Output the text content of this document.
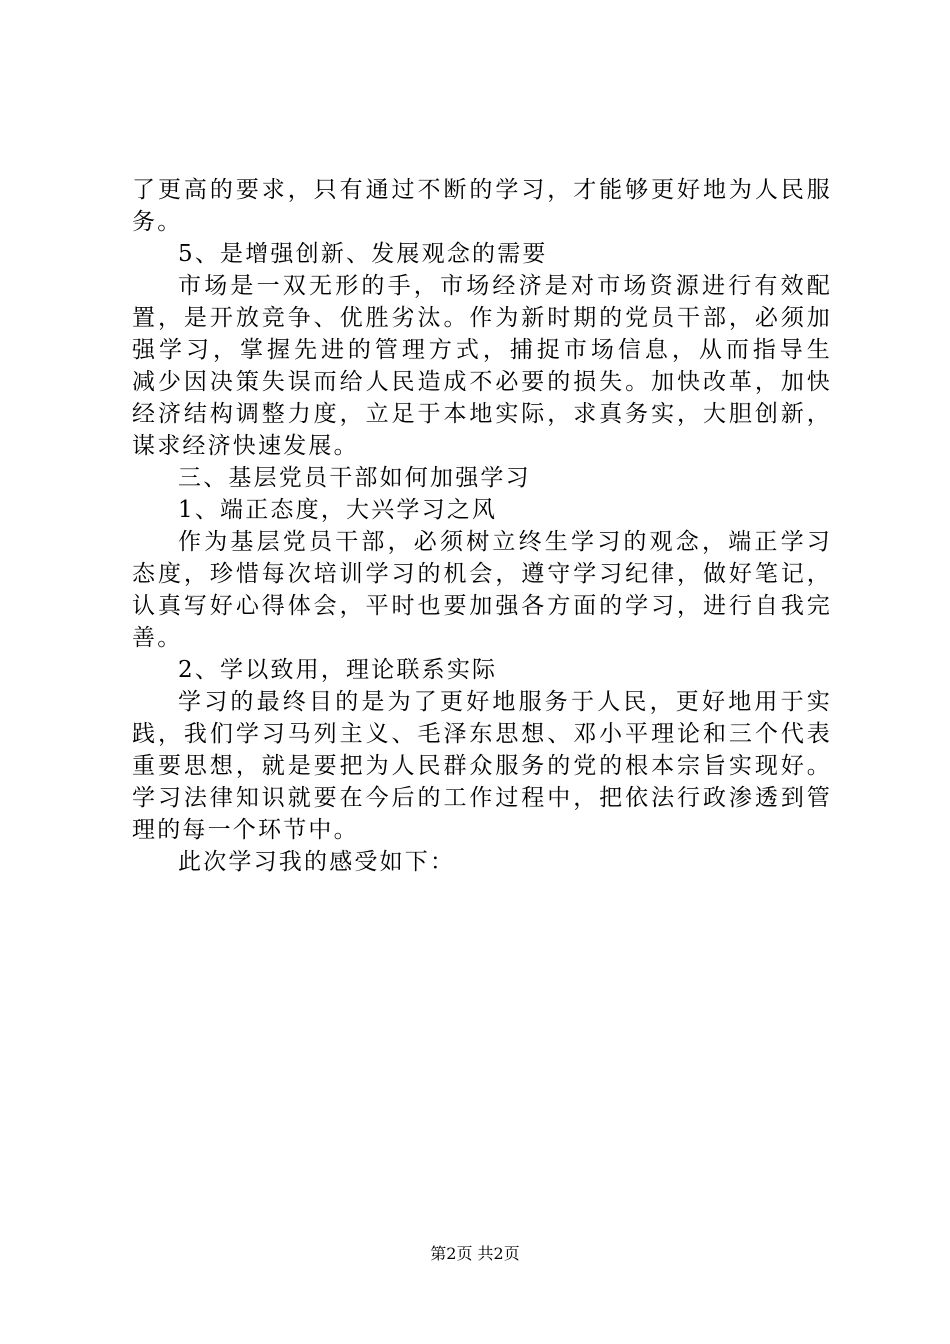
了更高的要求，只有通过不断的学习，才能够更好地为人民服
务。
5、是增强创新、发展观念的需要
市场是一双无形的手，市场经济是对市场资源进行有效配
置，是开放竞争、优胜劣汰。作为新时期的党员干部，必须加
强学习，掌握先进的管理方式，捕捉市场信息，从而指导生
减少因决策失误而给人民造成不必要的损失。加快改革，加快
经济结构调整力度，立足于本地实际，求真务实，大胆创新，
谋求经济快速发展。
三、基层党员干部如何加强学习
1、端正态度，大兴学习之风
作为基层党员干部，必须树立终生学习的观念，端正学习
态度，珍惜每次培训学习的机会，遵守学习纪律，做好笔记，
认真写好心得体会，平时也要加强各方面的学习，进行自我完
善。
2、学以致用，理论联系实际
学习的最终目的是为了更好地服务于人民，更好地用于实
践，我们学习马列主义、毛泽东思想、邓小平理论和三个代表
重要思想，就是要把为人民群众服务的党的根本宗旨实现好。
学习法律知识就要在今后的工作过程中，把依法行政渗透到管
理的每一个环节中。
此次学习我的感受如下：
第2页 共2页
